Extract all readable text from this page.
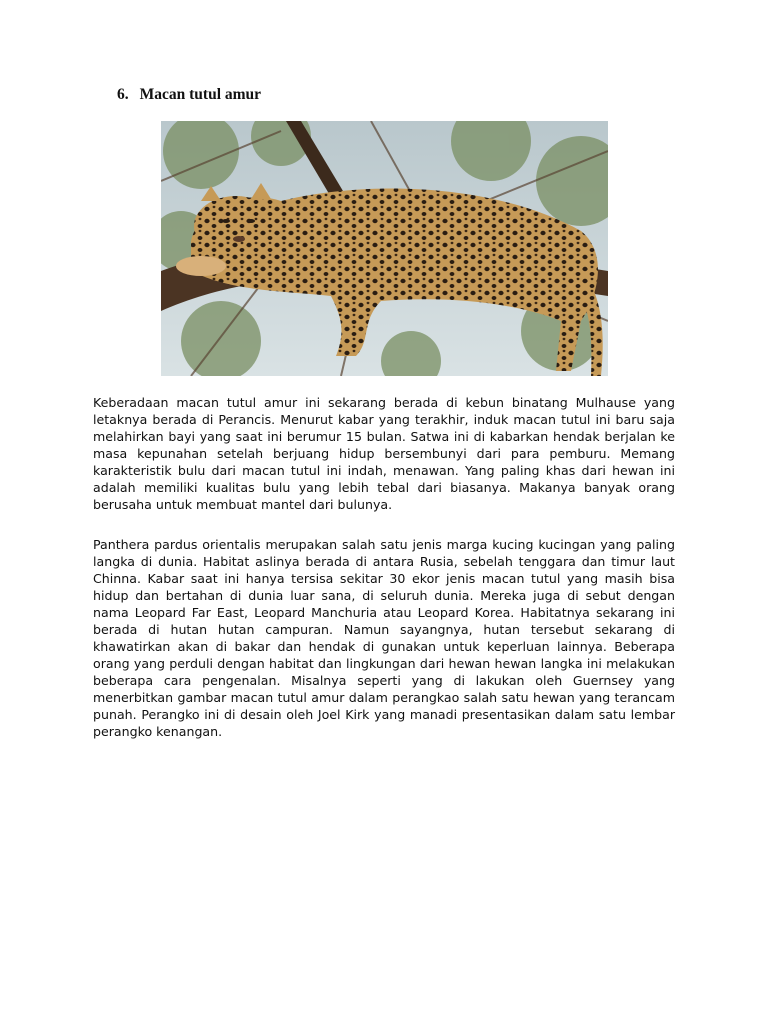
6. Macan tutul amur

Keberadaan macan tutul amur ini sekarang berada di kebun binatang Mulhause yang letaknya berada di Perancis. Menurut kabar yang terakhir, induk macan tutul ini baru saja melahirkan bayi yang saat ini berumur 15 bulan. Satwa ini di kabarkan hendak berjalan ke masa kepunahan setelah berjuang hidup bersembunyi dari para pemburu. Memang karakteristik bulu dari macan tutul ini indah, menawan. Yang paling khas dari hewan ini adalah memiliki kualitas bulu yang lebih tebal dari biasanya. Makanya banyak orang berusaha untuk membuat mantel dari bulunya.

Panthera pardus orientalis merupakan salah satu jenis marga kucing kucingan yang paling langka di dunia. Habitat aslinya berada di antara Rusia, sebelah tenggara dan timur laut Chinna. Kabar saat ini hanya tersisa sekitar 30 ekor jenis macan tutul yang masih bisa hidup dan bertahan di dunia luar sana, di seluruh dunia. Mereka juga di sebut dengan nama Leopard Far East, Leopard Manchuria atau Leopard Korea. Habitatnya sekarang ini berada di hutan hutan campuran. Namun sayangnya, hutan tersebut sekarang di khawatirkan akan di bakar dan hendak di gunakan untuk keperluan lainnya. Beberapa orang yang perduli dengan habitat dan lingkungan dari hewan hewan langka ini melakukan beberapa cara pengenalan. Misalnya seperti yang di lakukan oleh Guernsey yang menerbitkan gambar macan tutul amur dalam perangkao salah satu hewan yang terancam punah. Perangko ini di desain oleh Joel Kirk yang manadi presentasikan dalam satu lembar perangko kenangan.
